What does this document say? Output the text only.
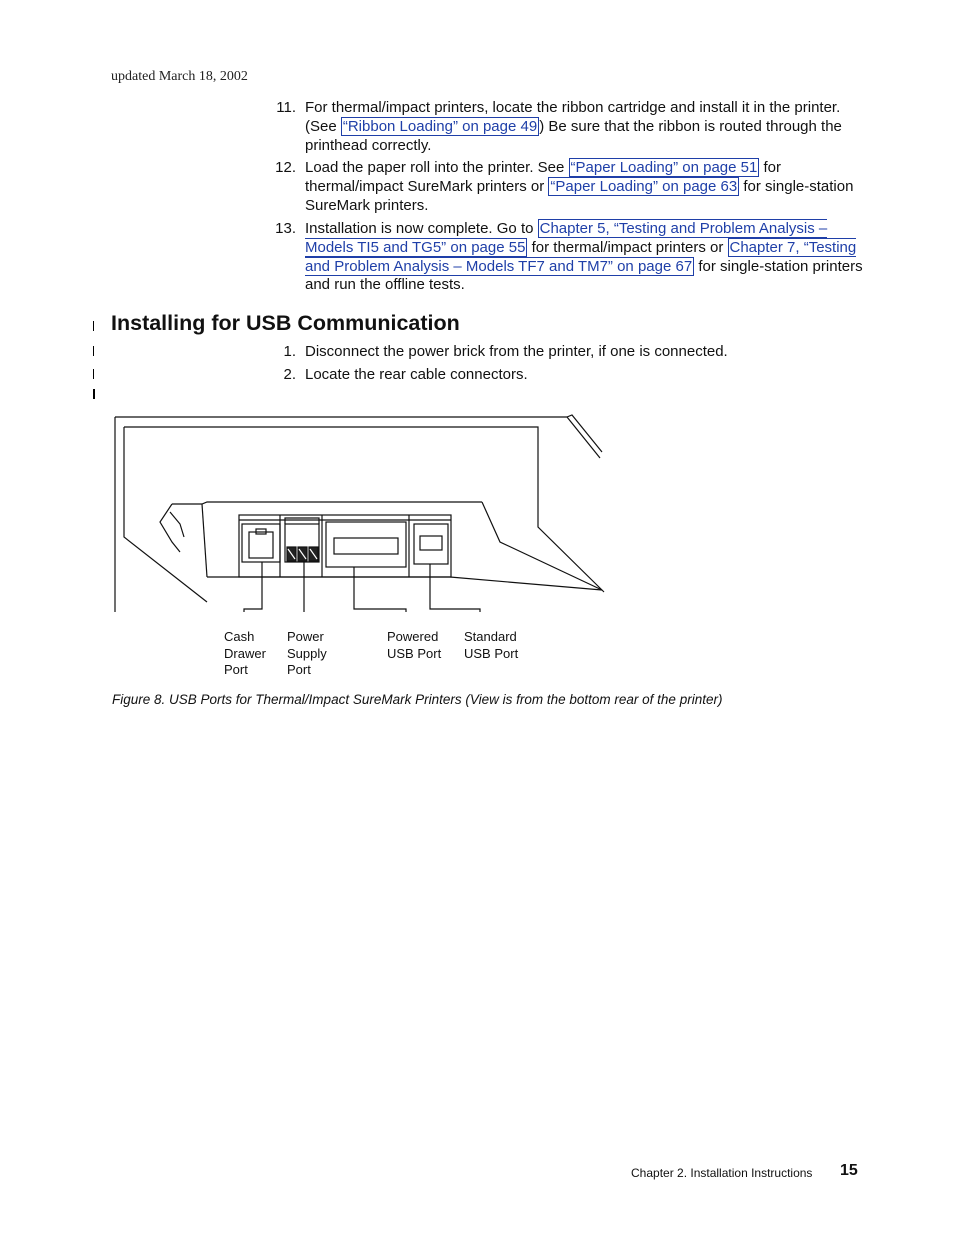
updated March 18, 2002
11. For thermal/impact printers, locate the ribbon cartridge and install it in the printer. (See “Ribbon Loading” on page 49 ) Be sure that the ribbon is routed through the printhead correctly.
12. Load the paper roll into the printer. See “Paper Loading” on page 51 for thermal/impact SureMark printers or “Paper Loading” on page 63 for single-station SureMark printers.
13. Installation is now complete. Go to Chapter 5, “Testing and Problem Analysis – Models TI5 and TG5” on page 55 for thermal/impact printers or Chapter 7, “Testing and Problem Analysis – Models TF7 and TM7” on page 67 for single-station printers and run the offline tests.
Installing for USB Communication
1. Disconnect the power brick from the printer, if one is connected.
2. Locate the rear cable connectors.
Cash
Drawer
Port
Power
Supply
Port
Powered
USB Port
Standard
USB Port
Figure 8. USB Ports for Thermal/Impact SureMark Printers (View is from the bottom rear of the printer)
Chapter 2. Installation Instructions 15
